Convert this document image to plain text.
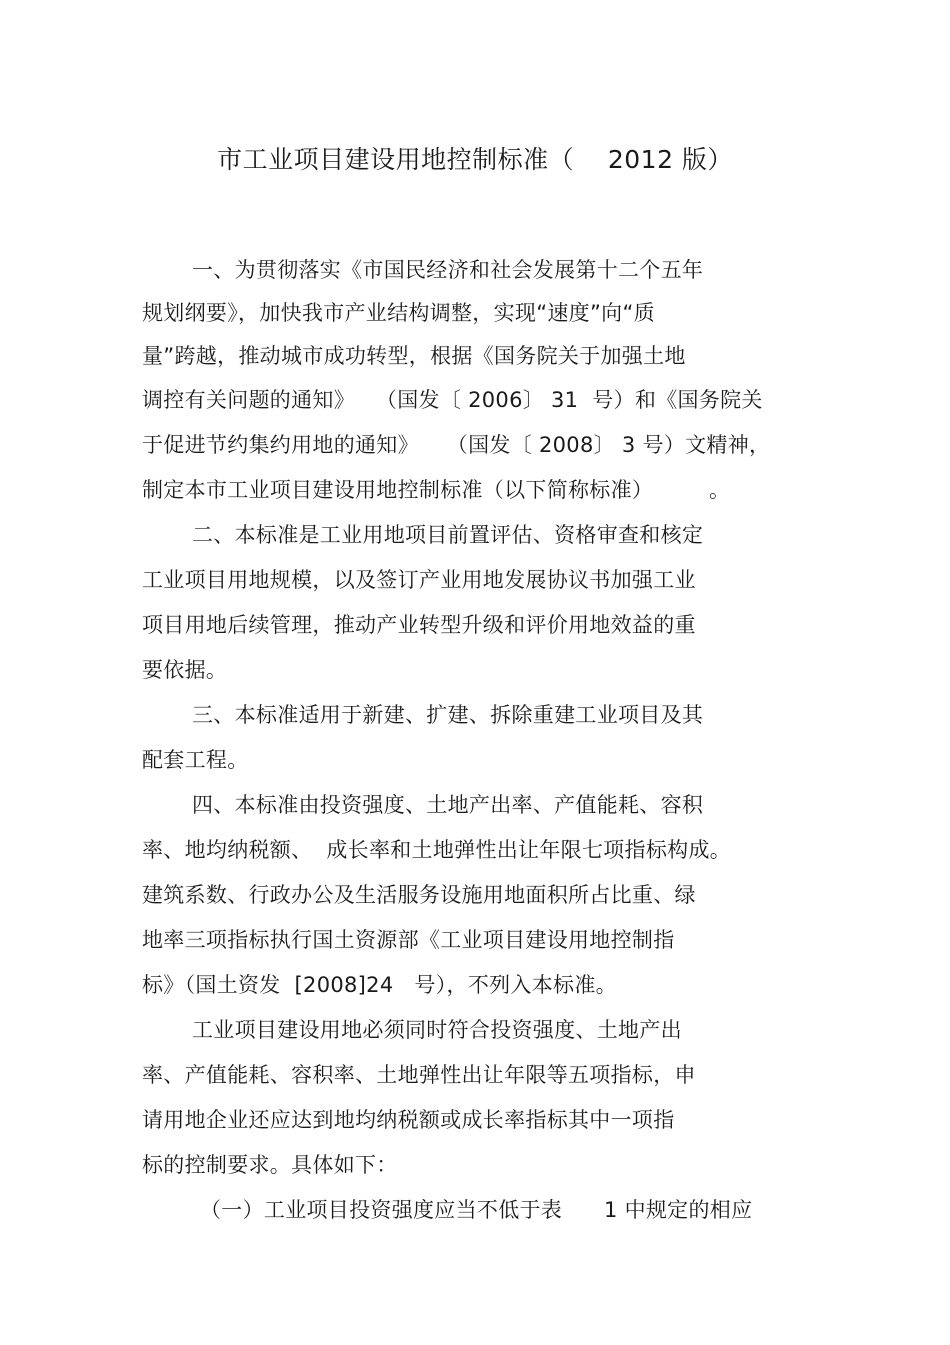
市工业项目建设用地控制标准（    2012 版）
一、为贯彻落实《市国民经济和社会发展第十二个五年
规划纲要》，加快我市产业结构调整，实现“速度”向“质
量”跨越，推动城市成功转型，根据《国务院关于加强土地
调控有关问题的通知》   （国发〔 2006〕 31  号）和《国务院关
于促进节约集约用地的通知》    （国发〔 2008〕 3 号）文精神，
制定本市工业项目建设用地控制标准（以下简称标准）        。
二、本标准是工业用地项目前置评估、资格审查和核定
工业项目用地规模，以及签订产业用地发展协议书加强工业
项目用地后续管理，推动产业转型升级和评价用地效益的重
要依据。
三、本标准适用于新建、扩建、拆除重建工业项目及其
配套工程。
四、本标准由投资强度、土地产出率、产值能耗、容积
率、地均纳税额、  成长率和土地弹性出让年限七项指标构成。
建筑系数、行政办公及生活服务设施用地面积所占比重、绿
地率三项指标执行国土资源部《工业项目建设用地控制指
标》（国土资发  [2008]24   号），不列入本标准。
工业项目建设用地必须同时符合投资强度、土地产出
率、产值能耗、容积率、土地弹性出让年限等五项指标，申
请用地企业还应达到地均纳税额或成长率指标其中一项指
标的控制要求。具体如下：
（一）工业项目投资强度应当不低于表      1 中规定的相应
